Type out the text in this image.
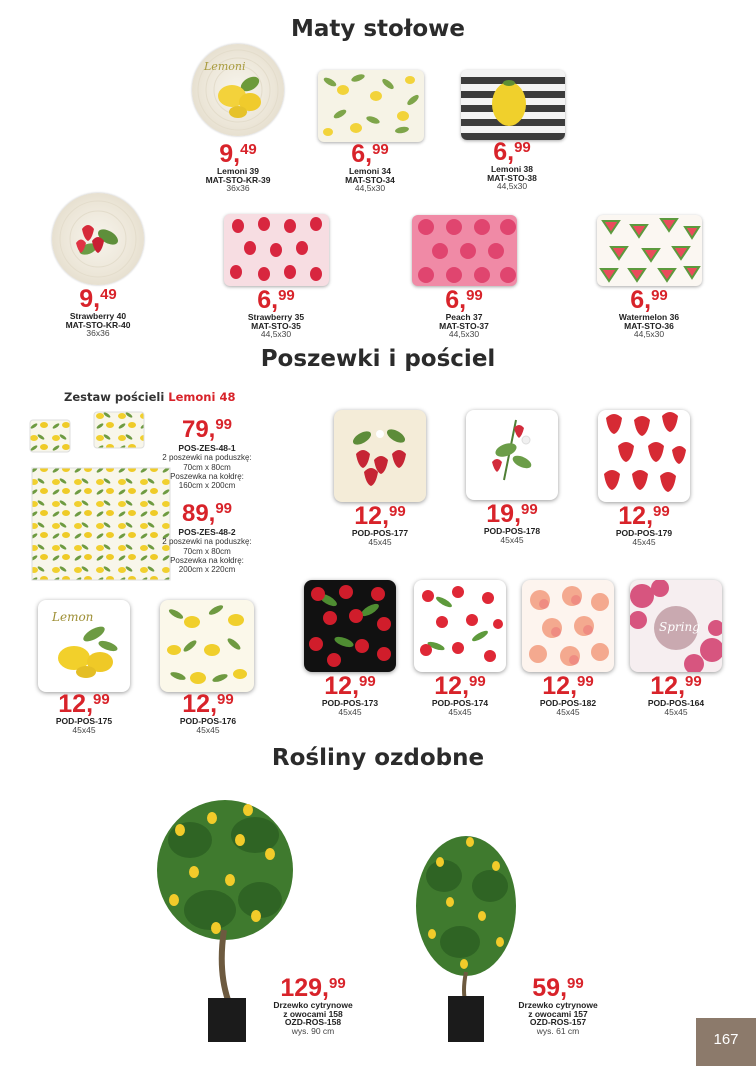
Maty stołowe
Poszewki i pościel
Rośliny ozdobne
Lemoni
9,49
Lemoni 39
MAT-STO-KR-39
36x36
6,99
Lemoni 34
MAT-STO-34
44,5x30
6,99
Lemoni 38
MAT-STO-38
44,5x30
9,49
Strawberry 40
MAT-STO-KR-40
36x36
6,99
Strawberry 35
MAT-STO-35
44,5x30
6,99
Peach 37
MAT-STO-37
44,5x30
6,99
Watermelon 36
MAT-STO-36
44,5x30
Zestaw pościeli Lemoni 48
79,99
POS-ZES-48-1
2 poszewki na poduszkę:
70cm x 80cm
Poszewka na kołdrę:
160cm x 200cm
89,99
POS-ZES-48-2
2 poszewki na poduszkę:
70cm x 80cm
Poszewka na kołdrę:
200cm x 220cm
12,99
POD-POS-177
45x45
19,99
POD-POS-178
45x45
12,99
POD-POS-179
45x45
Lemon
12,99
POD-POS-175
45x45
12,99
POD-POS-176
45x45
12,99
POD-POS-173
45x45
12,99
POD-POS-174
45x45
12,99
POD-POS-182
45x45
Spring
12,99
POD-POS-164
45x45
129,99
Drzewko cytrynowe
z owocami 158
OZD-ROS-158
wys. 90 cm
59,99
Drzewko cytrynowe
z owocami 157
OZD-ROS-157
wys. 61 cm
167
